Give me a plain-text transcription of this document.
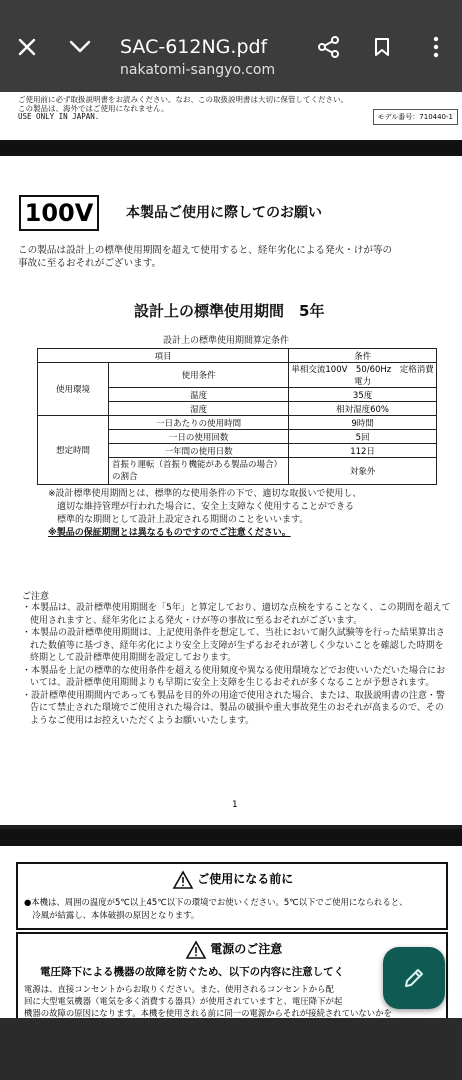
SAC-612NG.pdf
nakatomi-sangyo.com
ご使用前に必ず取扱説明書をお読みください。なお、この取扱説明書は大切に保管してください。
この製品は、海外ではご使用になれません。
USE ONLY IN JAPAN.	モデル番号：710440-1
100V	本製品ご使用に際してのお願い
この製品は設計上の標準使用期間を超えて使用すると、経年劣化による発火・けが等の
事故に至るおそれがございます。
設計上の標準使用期間　5年
設計上の標準使用期間算定条件
項目		条件
使用環境	使用条件	単相交流100V　50/60Hz　定格消費電力
	温度	35度
	湿度	相対湿度60%
想定時間	一日あたりの使用時間	9時間
	一日の使用回数	5回
	一年間の使用日数	112日
	首振り運転（首振り機能がある製品の場合）の割合	対象外
※設計標準使用期間とは、標準的な使用条件の下で、適切な取扱いで使用し、
　適切な維持管理が行われた場合に、安全上支障なく使用することができる
　標準的な期間として設計上設定される期間のことをいいます。
※製品の保証期間とは異なるものですのでご注意ください。
ご注意
・本製品は、設計標準使用期間を「5年」と算定しており、適切な点検をすることなく、この期間を超えて使用されますと、経年劣化による発火・けが等の事故に至るおそれがございます。
・本製品の設計標準使用期間は、上記使用条件を想定して、当社において耐久試験等を行った結果算出された数値等に基づき、経年劣化により安全上支障が生ずるおそれが著しく少ないことを確認した時期を終期として設計標準使用期間を設定しております。
・本製品を上記の標準的な使用条件を超える使用頻度や異なる使用環境などでお使いいただいた場合においては、設計標準使用期間よりも早期に安全上支障を生じるおそれが多くなることが予想されます。
・設計標準使用期間内であっても製品を目的外の用途で使用された場合、または、取扱説明書の注意・警告にて禁止された環境でご使用された場合は、製品の破損や重大事故発生のおそれが高まるので、そのようなご使用はお控えいただくようお願いいたします。
1
ご使用になる前に
●本機は、周囲の温度が5℃以上45℃以下の環境でお使いください。5℃以下でご使用になられると、
　冷風が結露し、本体破損の原因となります。
電源のご注意
電圧降下による機器の故障を防ぐため、以下の内容に注意してく
電源は、直接コンセントからお取りください。また、使用されるコンセントから配
回に大型電気機器（電気を多く消費する器具）が使用されていますと、電圧降下が起
機器の故障の原因になります。本機を使用される前に同一の電源からそれが接続されていないかを
